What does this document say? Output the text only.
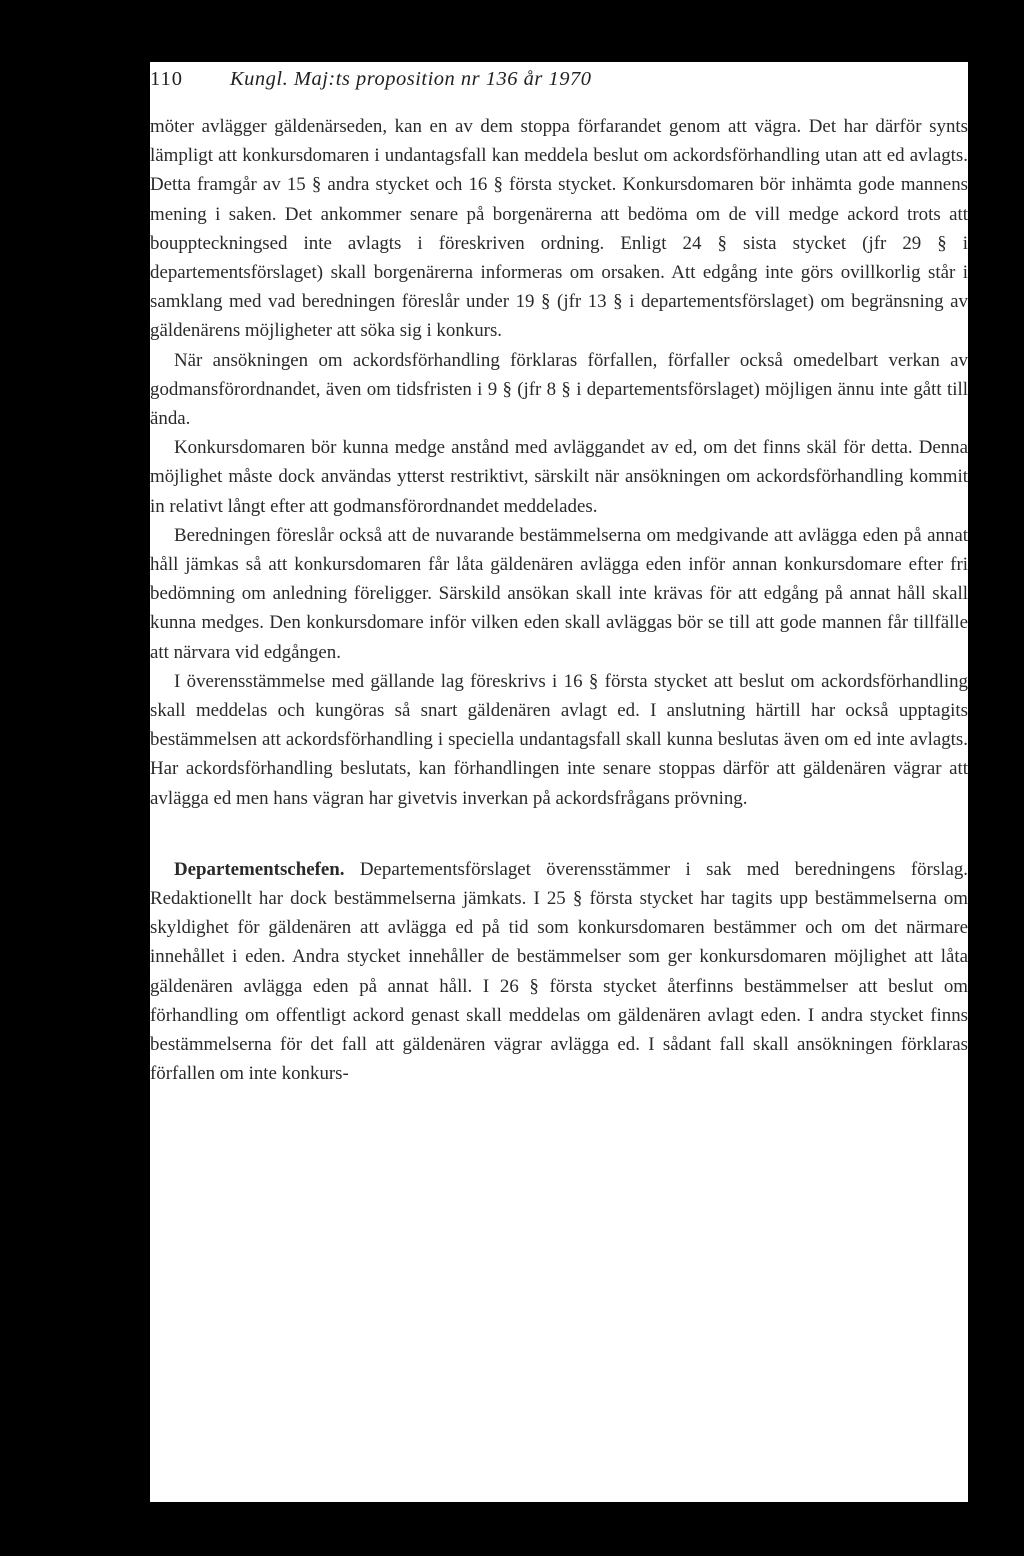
110 Kungl. Maj:ts proposition nr 136 år 1970

möter avlägger gäldenärseden, kan en av dem stoppa förfarandet genom att vägra. Det har därför synts lämpligt att konkursdomaren i undantagsfall kan meddela beslut om ackordsförhandling utan att ed avlagts. Detta framgår av 15 § andra stycket och 16 § första stycket. Konkursdomaren bör inhämta gode mannens mening i saken. Det ankommer senare på borgenärerna att bedöma om de vill medge ackord trots att bouppteckningsed inte avlagts i föreskriven ordning. Enligt 24 § sista stycket (jfr 29 § i departementsförslaget) skall borgenärerna informeras om orsaken. Att edgång inte görs ovillkorlig står i samklang med vad beredningen föreslår under 19 § (jfr 13 § i departementsförslaget) om begränsning av gäldenärens möjligheter att söka sig i konkurs.

När ansökningen om ackordsförhandling förklaras förfallen, förfaller också omedelbart verkan av godmansförordnandet, även om tidsfristen i 9 § (jfr 8 § i departementsförslaget) möjligen ännu inte gått till ända.

Konkursdomaren bör kunna medge anstånd med avläggandet av ed, om det finns skäl för detta. Denna möjlighet måste dock användas ytterst restriktivt, särskilt när ansökningen om ackordsförhandling kommit in relativt långt efter att godmansförordnandet meddelades.

Beredningen föreslår också att de nuvarande bestämmelserna om medgivande att avlägga eden på annat håll jämkas så att konkursdomaren får låta gäldenären avlägga eden inför annan konkursdomare efter fri bedömning om anledning föreligger. Särskild ansökan skall inte krävas för att edgång på annat håll skall kunna medges. Den konkursdomare inför vilken eden skall avläggas bör se till att gode mannen får tillfälle att närvara vid edgången.

I överensstämmelse med gällande lag föreskrivs i 16 § första stycket att beslut om ackordsförhandling skall meddelas och kungöras så snart gäldenären avlagt ed. I anslutning härtill har också upptagits bestämmelsen att ackordsförhandling i speciella undantagsfall skall kunna beslutas även om ed inte avlagts. Har ackordsförhandling beslutats, kan förhandlingen inte senare stoppas därför att gäldenären vägrar att avlägga ed men hans vägran har givetvis inverkan på ackordsfrågans prövning.

Departementschefen. Departementsförslaget överensstämmer i sak med beredningens förslag. Redaktionellt har dock bestämmelserna jämkats. I 25 § första stycket har tagits upp bestämmelserna om skyldighet för gäldenären att avlägga ed på tid som konkursdomaren bestämmer och om det närmare innehållet i eden. Andra stycket innehåller de bestämmelser som ger konkursdomaren möjlighet att låta gäldenären avlägga eden på annat håll. I 26 § första stycket återfinns bestämmelser att beslut om förhandling om offentligt ackord genast skall meddelas om gäldenären avlagt eden. I andra stycket finns bestämmelserna för det fall att gäldenären vägrar avlägga ed. I sådant fall skall ansökningen förklaras förfallen om inte konkurs-
